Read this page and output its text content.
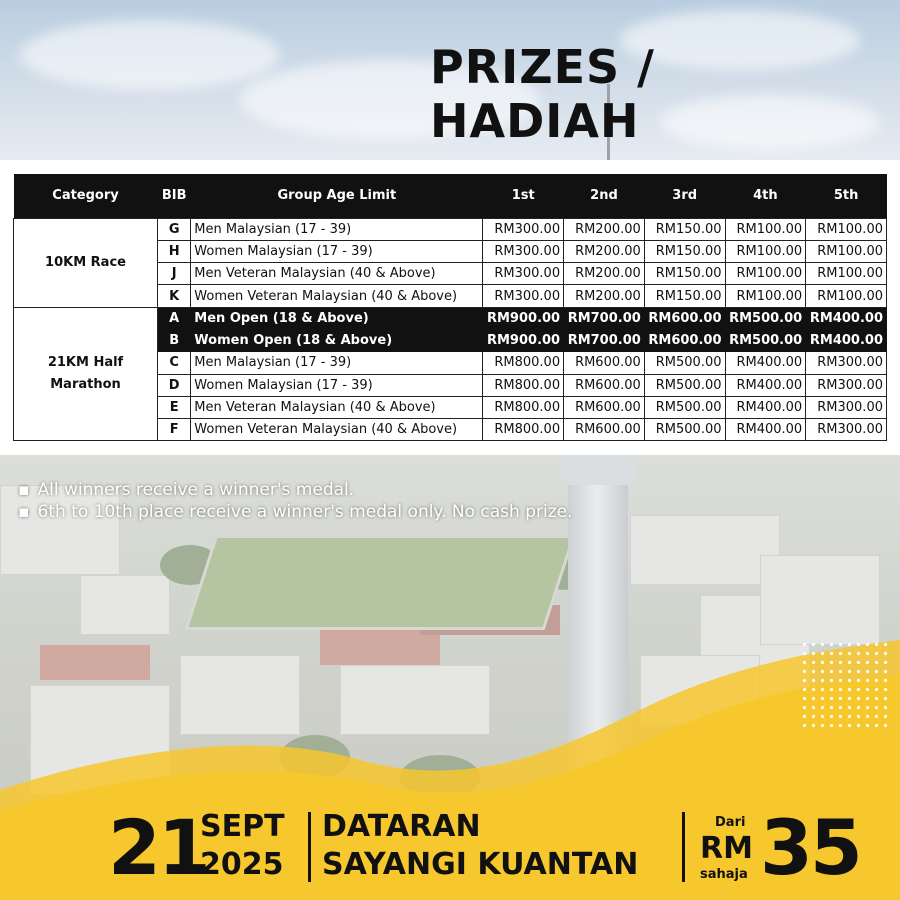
PRIZES / HADIAH
Category	BIB	Group Age Limit	1st	2nd	3rd	4th	5th
10KM Race	G	Men Malaysian (17 - 39)	RM300.00	RM200.00	RM150.00	RM100.00	RM100.00
	H	Women Malaysian (17 - 39)	RM300.00	RM200.00	RM150.00	RM100.00	RM100.00
	J	Men Veteran Malaysian (40 & Above)	RM300.00	RM200.00	RM150.00	RM100.00	RM100.00
	K	Women Veteran Malaysian (40 & Above)	RM300.00	RM200.00	RM150.00	RM100.00	RM100.00
21KM Half Marathon	A	Men Open (18 & Above)	RM900.00	RM700.00	RM600.00	RM500.00	RM400.00
	B	Women Open (18 & Above)	RM900.00	RM700.00	RM600.00	RM500.00	RM400.00
	C	Men Malaysian (17 - 39)	RM800.00	RM600.00	RM500.00	RM400.00	RM300.00
	D	Women Malaysian (17 - 39)	RM800.00	RM600.00	RM500.00	RM400.00	RM300.00
	E	Men Veteran Malaysian (40 & Above)	RM800.00	RM600.00	RM500.00	RM400.00	RM300.00
	F	Women Veteran Malaysian (40 & Above)	RM800.00	RM600.00	RM500.00	RM400.00	RM300.00
▪ All winners receive a winner's medal.
▪ 6th to 10th place receive a winner's medal only. No cash prize.
21
SEPT
2025
DATARAN
SAYANGI KUANTAN
Dari
RM
sahaja 35
